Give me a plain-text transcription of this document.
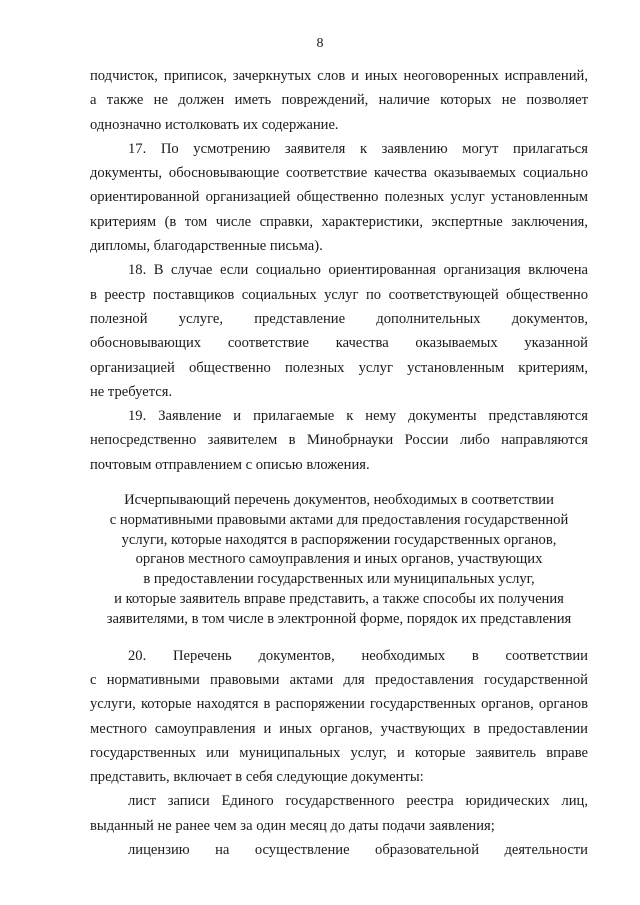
8
подчисток, приписок, зачеркнутых слов и иных неоговоренных исправлений,
а также не должен иметь повреждений, наличие которых не позволяет
однозначно истолковать их содержание.
17. По усмотрению заявителя к заявлению могут прилагаться
документы, обосновывающие соответствие качества оказываемых социально
ориентированной организацией общественно полезных услуг установленным
критериям (в том числе справки, характеристики, экспертные заключения,
дипломы, благодарственные письма).
18. В случае если социально ориентированная организация включена
в реестр поставщиков социальных услуг по соответствующей общественно
полезной услуге, представление дополнительных документов,
обосновывающих соответствие качества оказываемых указанной
организацией общественно полезных услуг установленным критериям,
не требуется.
19. Заявление и прилагаемые к нему документы представляются
непосредственно заявителем в Минобрнауки России либо направляются
почтовым отправлением с описью вложения.
Исчерпывающий перечень документов, необходимых в соответствии
с нормативными правовыми актами для предоставления государственной
услуги, которые находятся в распоряжении государственных органов,
органов местного самоуправления и иных органов, участвующих
в предоставлении государственных или муниципальных услуг,
и которые заявитель вправе представить, а также способы их получения
заявителями, в том числе в электронной форме, порядок их представления
20. Перечень документов, необходимых в соответствии
с нормативными правовыми актами для предоставления государственной
услуги, которые находятся в распоряжении государственных органов, органов
местного самоуправления и иных органов, участвующих в предоставлении
государственных или муниципальных услуг, и которые заявитель вправе
представить, включает в себя следующие документы:
лист записи Единого государственного реестра юридических лиц,
выданный не ранее чем за один месяц до даты подачи заявления;
лицензию на осуществление образовательной деятельности
